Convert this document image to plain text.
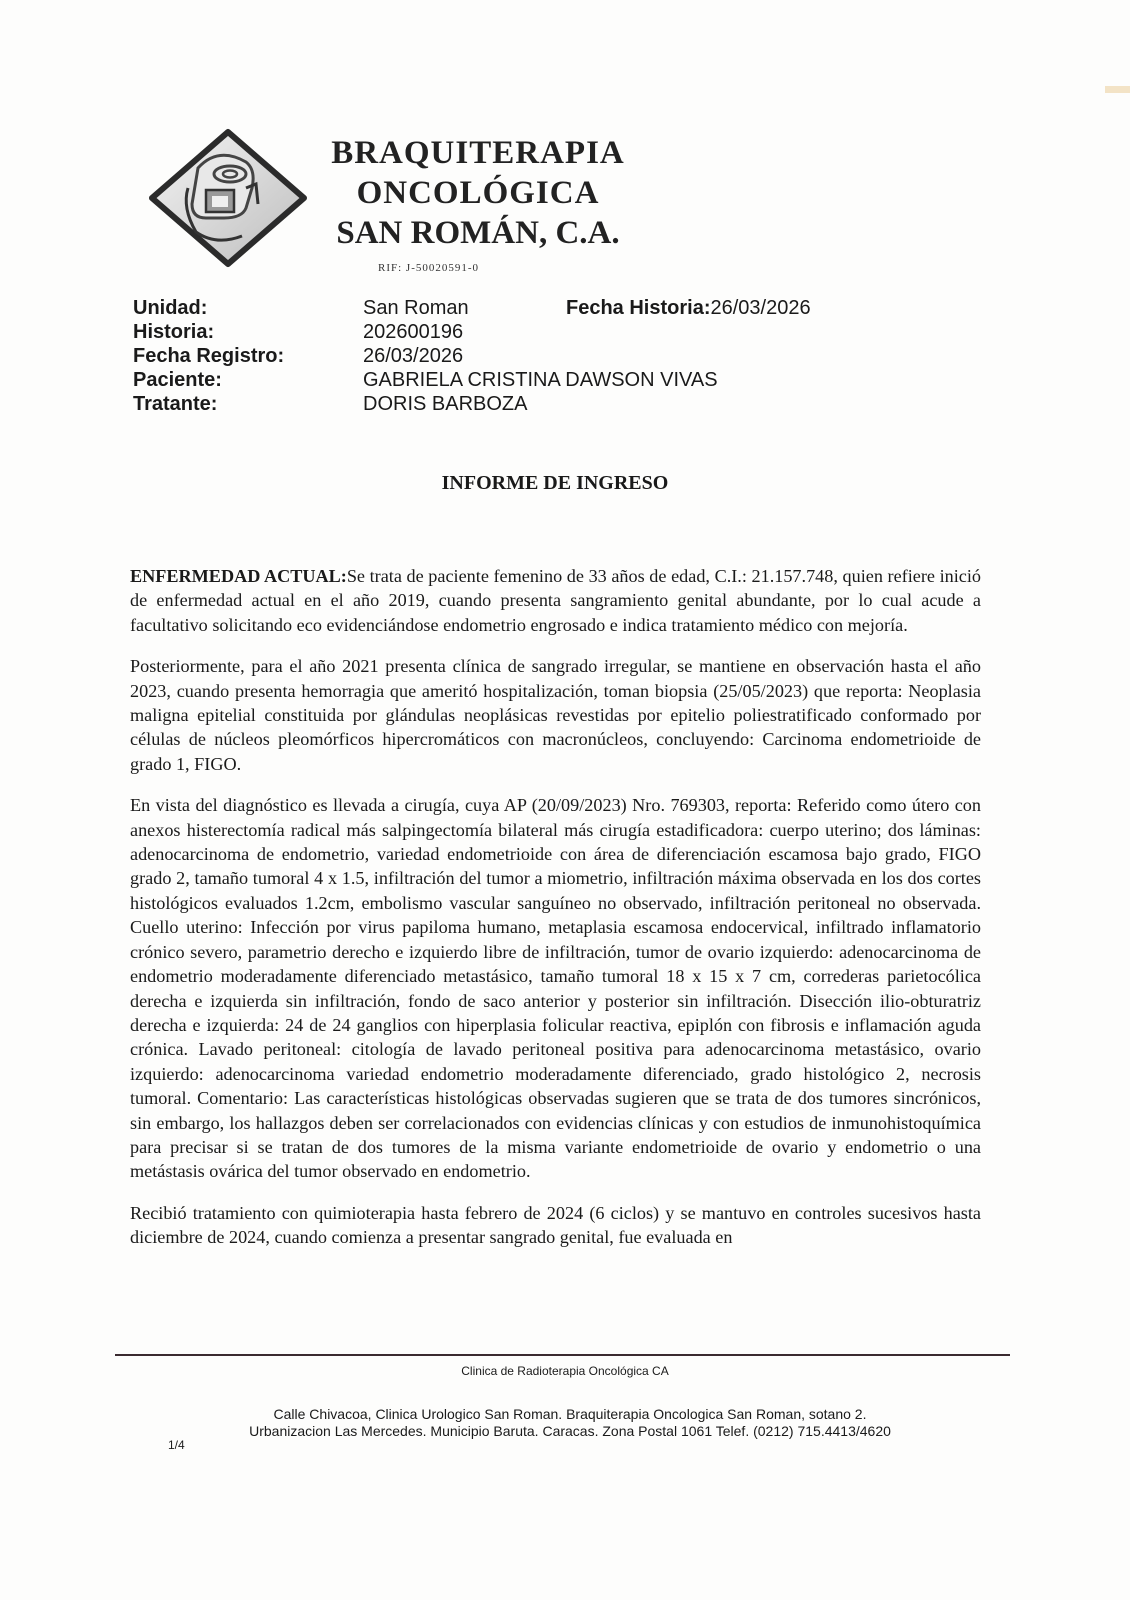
BRAQUITERAPIA
ONCOLÓGICA
SAN ROMÁN, C.A.
RIF: J-50020591-0
Unidad:	San Roman
Historia:	202600196
Fecha Registro:	26/03/2026
Paciente:	GABRIELA CRISTINA DAWSON VIVAS
Tratante:	DORIS BARBOZA
Fecha Historia:26/03/2026
INFORME DE INGRESO

ENFERMEDAD ACTUAL:Se trata de paciente femenino de 33 años de edad, C.I.: 21.157.748, quien refiere inició de enfermedad actual en el año 2019, cuando presenta sangramiento genital abundante, por lo cual acude a facultativo solicitando eco evidenciándose endometrio engrosado e indica tratamiento médico con mejoría.

Posteriormente, para el año 2021 presenta clínica de sangrado irregular, se mantiene en observación hasta el año 2023, cuando presenta hemorragia que ameritó hospitalización, toman biopsia (25/05/2023) que reporta: Neoplasia maligna epitelial constituida por glándulas neoplásicas revestidas por epitelio poliestratificado conformado por células de núcleos pleomórficos hipercromáticos con macronúcleos, concluyendo: Carcinoma endometrioide de grado 1, FIGO.

En vista del diagnóstico es llevada a cirugía, cuya AP (20/09/2023) Nro. 769303, reporta: Referido como útero con anexos histerectomía radical más salpingectomía bilateral más cirugía estadificadora: cuerpo uterino; dos láminas: adenocarcinoma de endometrio, variedad endometrioide con área de diferenciación escamosa bajo grado, FIGO grado 2, tamaño tumoral 4 x 1.5, infiltración del tumor a miometrio, infiltración máxima observada en los dos cortes histológicos evaluados 1.2cm, embolismo vascular sanguíneo no observado, infiltración peritoneal no observada. Cuello uterino: Infección por virus papiloma humano, metaplasia escamosa endocervical, infiltrado inflamatorio crónico severo, parametrio derecho e izquierdo libre de infiltración, tumor de ovario izquierdo: adenocarcinoma de endometrio moderadamente diferenciado metastásico, tamaño tumoral 18 x 15 x 7 cm, correderas parietocólica derecha e izquierda sin infiltración, fondo de saco anterior y posterior sin infiltración. Disección ilio-obturatriz derecha e izquierda: 24 de 24 ganglios con hiperplasia folicular reactiva, epiplón con fibrosis e inflamación aguda crónica. Lavado peritoneal: citología de lavado peritoneal positiva para adenocarcinoma metastásico, ovario izquierdo: adenocarcinoma variedad endometrio moderadamente diferenciado, grado histológico 2, necrosis tumoral. Comentario: Las características histológicas observadas sugieren que se trata de dos tumores sincrónicos, sin embargo, los hallazgos deben ser correlacionados con evidencias clínicas y con estudios de inmunohistoquímica para precisar si se tratan de dos tumores de la misma variante endometrioide de ovario y endometrio o una metástasis ovárica del tumor observado en endometrio.

Recibió tratamiento con quimioterapia hasta febrero de 2024 (6 ciclos) y se mantuvo en controles sucesivos hasta diciembre de 2024, cuando comienza a presentar sangrado genital, fue evaluada en

Clinica de Radioterapia Oncológica CA
Calle Chivacoa, Clinica Urologico San Roman. Braquiterapia Oncologica San Roman, sotano 2.
Urbanizacion Las Mercedes. Municipio Baruta. Caracas. Zona Postal 1061 Telef. (0212) 715.4413/4620
1/4
